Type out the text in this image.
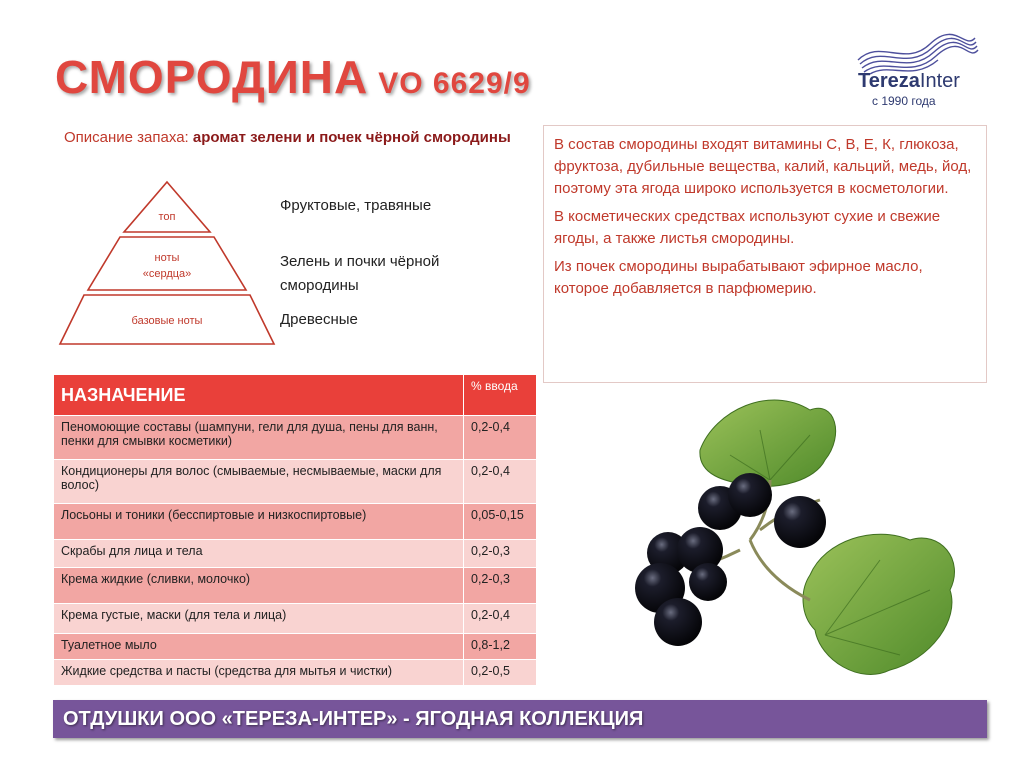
СМОРОДИНА VO 6629/9	TerezaInter
с 1990 года
Описание запаха: аромат зелени и почек чёрной смородины
топ
ноты
«сердца»
базовые ноты
Фруктовые, травяные
Зелень и почки чёрной
смородины
Древесные

В состав смородины входят витамины С, В, Е, К, глюкоза, фруктоза, дубильные вещества, калий, кальций, медь, йод, поэтому эта ягода широко используется в косметологии.

В косметических средствах используют сухие и свежие ягоды, а также листья смородины.

Из почек смородины вырабатывают эфирное масло, которое добавляется в парфюмерию.

НАЗНАЧЕНИЕ	% ввода
Пеномоющие составы (шампуни, гели для душа, пены для ванн, пенки для смывки косметики)	0,2-0,4
Кондиционеры для волос (смываемые, несмываемые, маски для волос)	0,2-0,4
Лосьоны и тоники (бесспиртовые и низкоспиртовые)	0,05-0,15
Скрабы для лица и тела	0,2-0,3
Крема жидкие (сливки, молочко)	0,2-0,3
Крема густые, маски (для тела и лица)	0,2-0,4
Туалетное мыло	0,8-1,2
Жидкие средства и пасты (средства для мытья и чистки)	0,2-0,5
ОТДУШКИ ООО «ТЕРЕЗА-ИНТЕР» - ЯГОДНАЯ КОЛЛЕКЦИЯ
